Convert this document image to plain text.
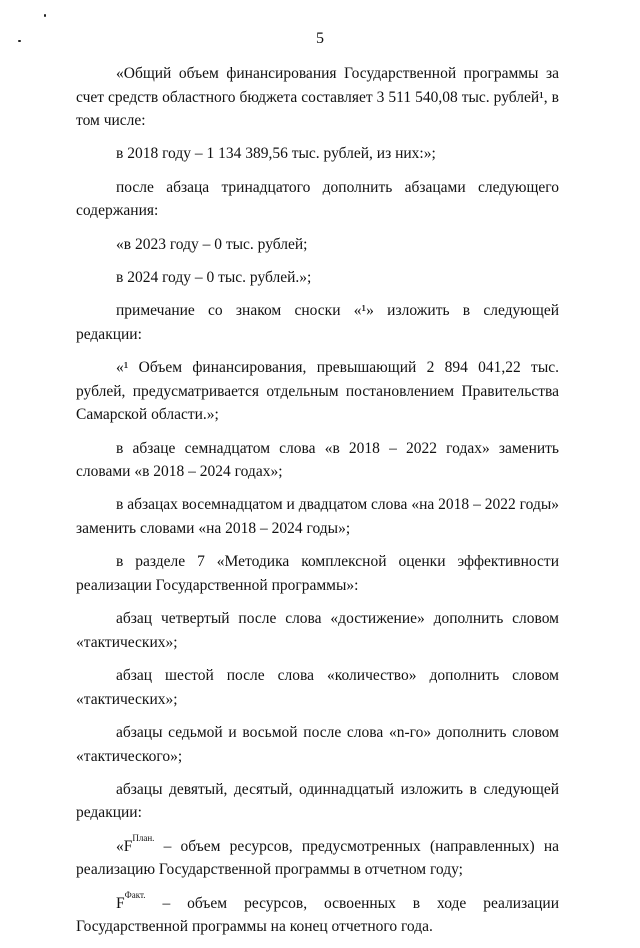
5

«Общий объем финансирования Государственной программы за счет средств областного бюджета составляет 3 511 540,08 тыс. рублей¹, в том числе:

в 2018 году – 1 134 389,56 тыс. рублей, из них:»;

после абзаца тринадцатого дополнить абзацами следующего содержания:

«в 2023 году – 0 тыс. рублей;

в 2024 году – 0 тыс. рублей.»;

примечание со знаком сноски «¹» изложить в следующей редакции:

«¹ Объем финансирования, превышающий 2 894 041,22 тыс. рублей, предусматривается отдельным постановлением Правительства Самарской области.»;

в абзаце семнадцатом слова «в 2018 – 2022 годах» заменить словами «в 2018 – 2024 годах»;

в абзацах восемнадцатом и двадцатом слова «на 2018 – 2022 годы» заменить словами «на 2018 – 2024 годы»;

в разделе 7 «Методика комплексной оценки эффективности реализации Государственной программы»:

абзац четвертый после слова «достижение» дополнить словом «тактических»;

абзац шестой после слова «количество» дополнить словом «тактических»;

абзацы седьмой и восьмой после слова «n-го» дополнить словом «тактического»;

абзацы девятый, десятый, одиннадцатый изложить в следующей редакции:

«$F^{План.}$ – объем ресурсов, предусмотренных (направленных) на реализацию Государственной программы в отчетном году;

$F^{Факт.}$ – объем ресурсов, освоенных в ходе реализации Государственной программы на конец отчетного года.
